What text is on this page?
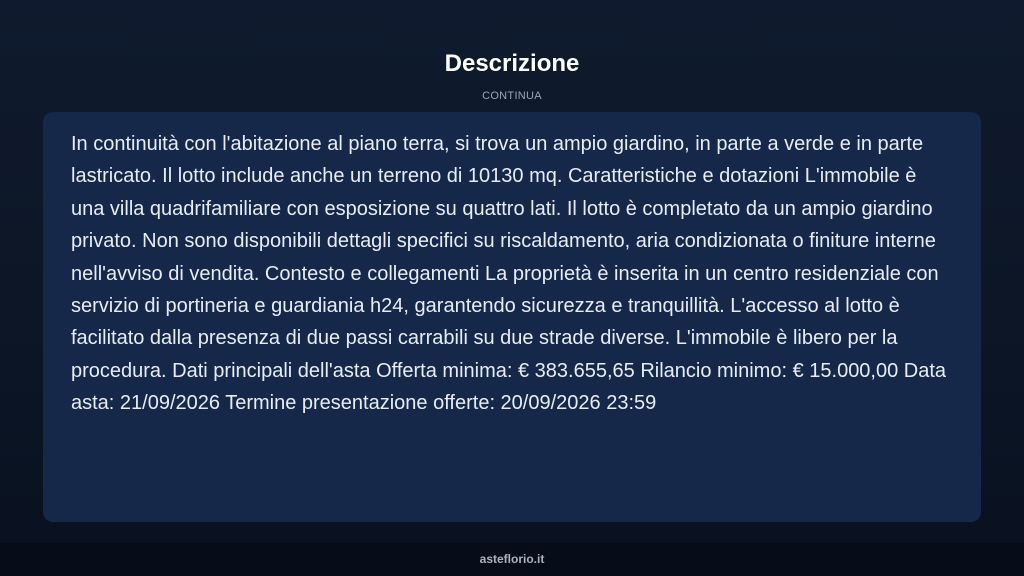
Descrizione
CONTINUA

In continuità con l'abitazione al piano terra, si trova un ampio giardino, in parte a verde e in parte lastricato. Il lotto include anche un terreno di 10130 mq. Caratteristiche e dotazioni L'immobile è una villa quadrifamiliare con esposizione su quattro lati. Il lotto è completato da un ampio giardino privato. Non sono disponibili dettagli specifici su riscaldamento, aria condizionata o finiture interne nell'avviso di vendita. Contesto e collegamenti La proprietà è inserita in un centro residenziale con servizio di portineria e guardiania h24, garantendo sicurezza e tranquillità. L'accesso al lotto è facilitato dalla presenza di due passi carrabili su due strade diverse. L'immobile è libero per la procedura. Dati principali dell'asta Offerta minima: € 383.655,65 Rilancio minimo: € 15.000,00 Data asta: 21/09/2026 Termine presentazione offerte: 20/09/2026 23:59

asteflorio.it
